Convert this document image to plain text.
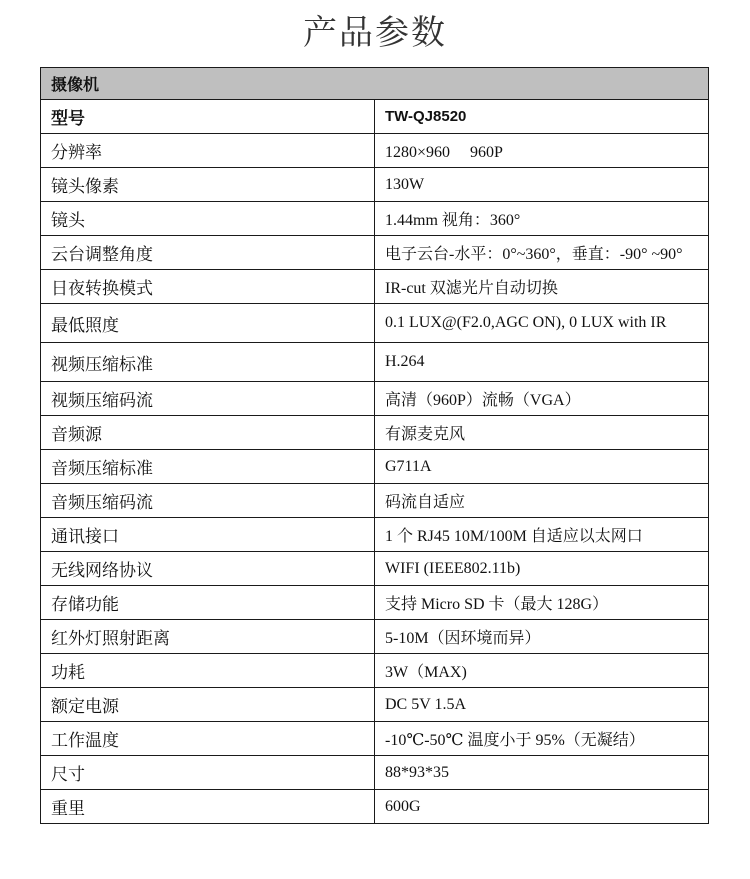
产品参数
摄像机	
型号	TW-QJ8520
分辨率	1280×960　 960P
镜头像素	130W
镜头	1.44mm 视角：360°
云台调整角度	电子云台-水平：0°~360°，垂直：-90° ~90°
日夜转换模式	IR-cut 双滤光片自动切换
最低照度	0.1 LUX@(F2.0,AGC ON), 0 LUX with IR
视频压缩标准	H.264
视频压缩码流	高清（960P）流畅（VGA）
音频源	有源麦克风
音频压缩标准	G711A
音频压缩码流	码流自适应
通讯接口	1 个 RJ45 10M/100M 自适应以太网口
无线网络协议	WIFI (IEEE802.11b)
存储功能	支持 Micro SD 卡（最大 128G）
红外灯照射距离	5-10M（因环境而异）
功耗	3W（MAX)
额定电源	DC 5V 1.5A
工作温度	-10℃-50℃ 温度小于 95%（无凝结）
尺寸	88*93*35
重里	600G
